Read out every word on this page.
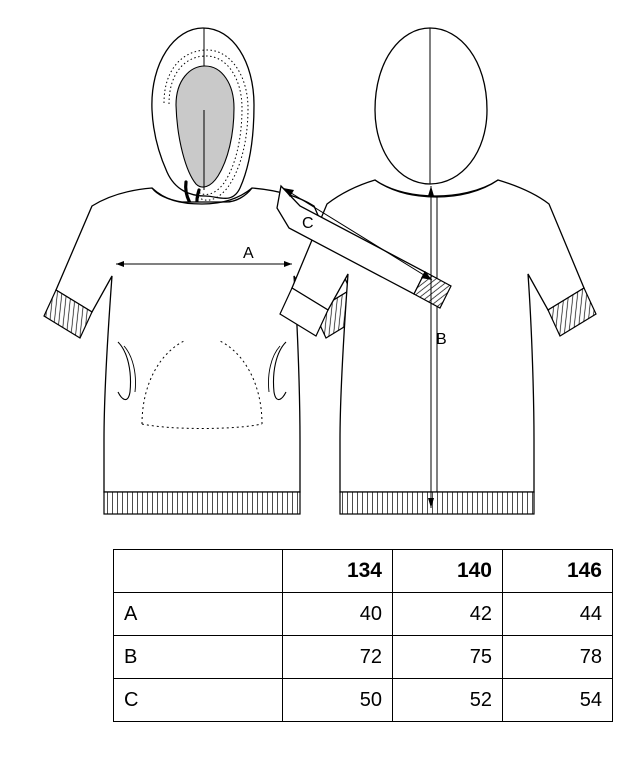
A
C
B
	134	140	146
A	40	42	44
B	72	75	78
C	50	52	54
